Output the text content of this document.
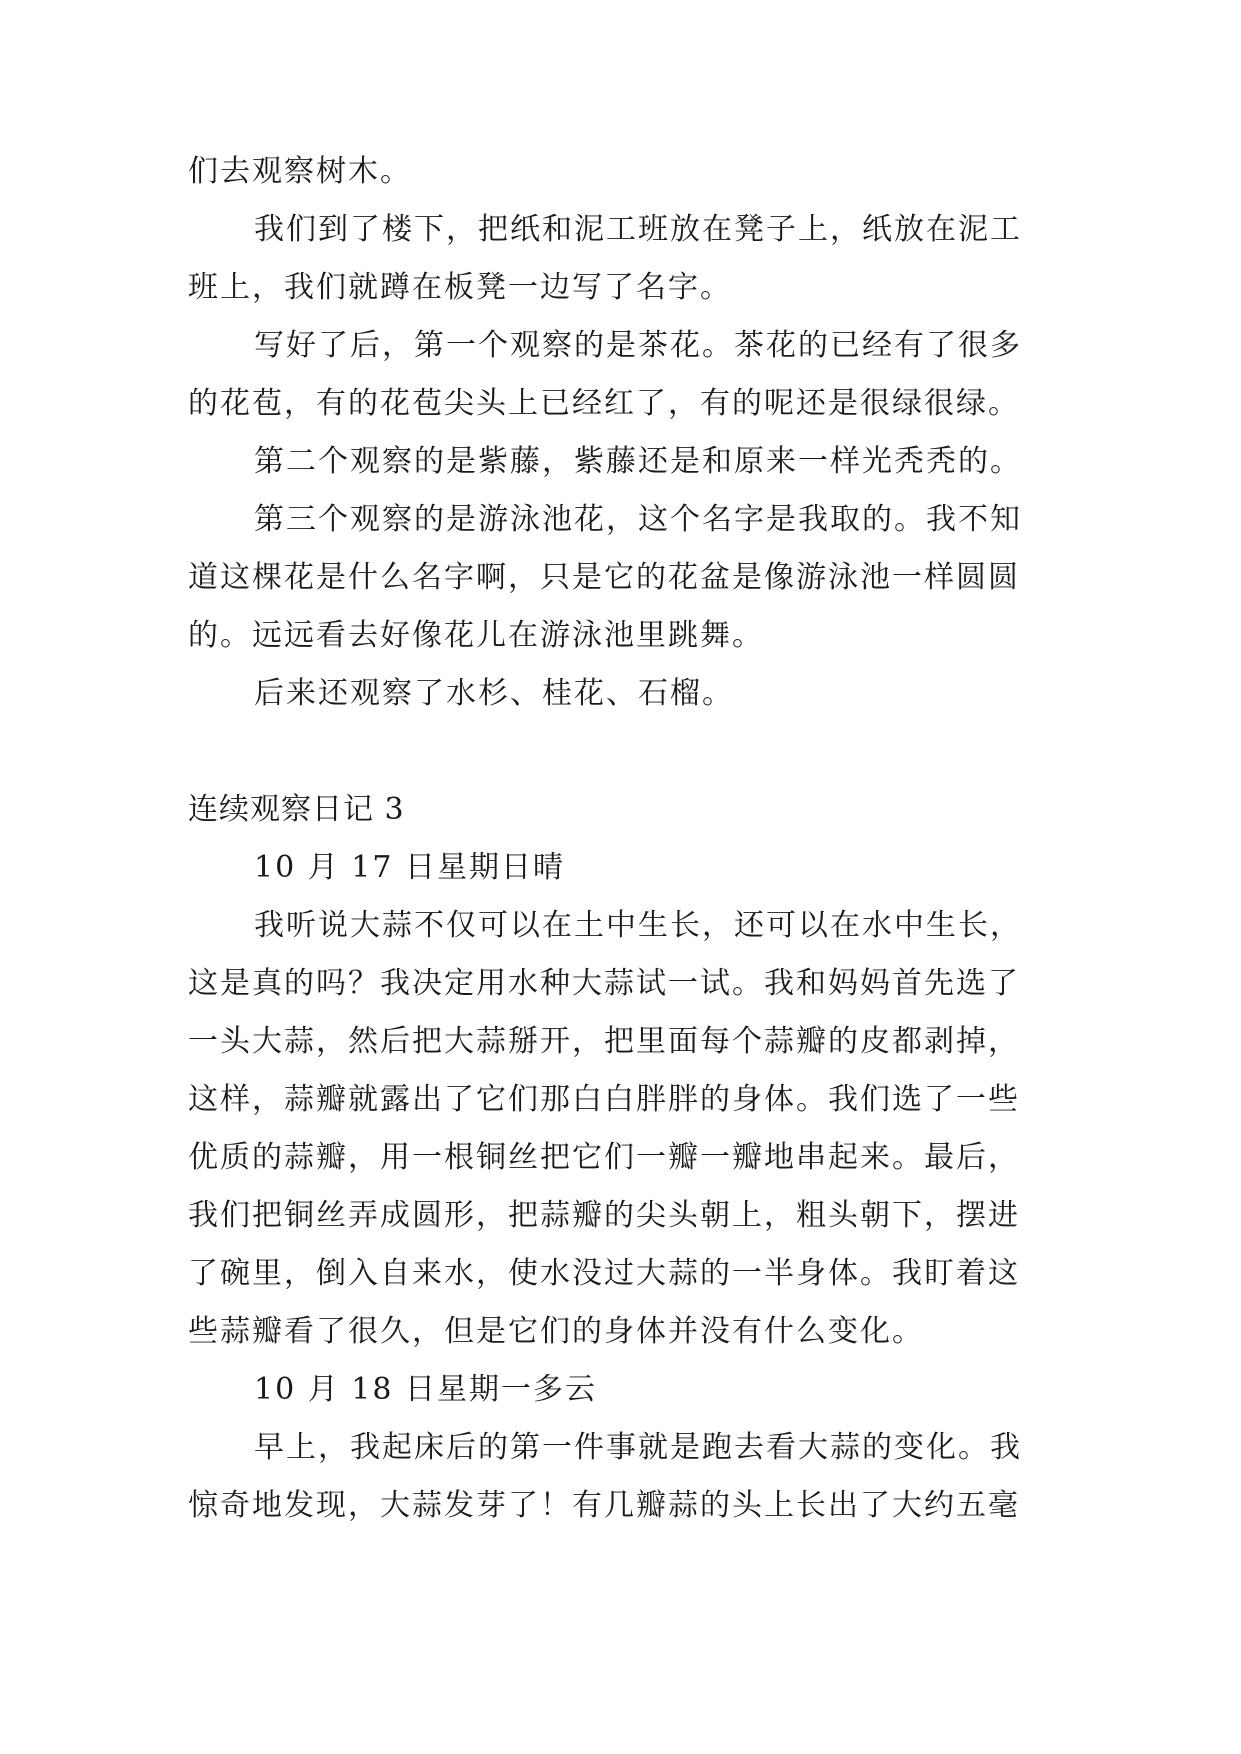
们去观察树木。
我们到了楼下，把纸和泥工班放在凳子上，纸放在泥工
班上，我们就蹲在板凳一边写了名字。
写好了后，第一个观察的是茶花。茶花的已经有了很多
的花苞，有的花苞尖头上已经红了，有的呢还是很绿很绿。
第二个观察的是紫藤，紫藤还是和原来一样光秃秃的。
第三个观察的是游泳池花，这个名字是我取的。我不知
道这棵花是什么名字啊，只是它的花盆是像游泳池一样圆圆
的。远远看去好像花儿在游泳池里跳舞。
后来还观察了水杉、桂花、石榴。
连续观察日记 3
10 月 17 日星期日晴
我听说大蒜不仅可以在土中生长，还可以在水中生长，
这是真的吗？我决定用水种大蒜试一试。我和妈妈首先选了
一头大蒜，然后把大蒜掰开，把里面每个蒜瓣的皮都剥掉，
这样，蒜瓣就露出了它们那白白胖胖的身体。我们选了一些
优质的蒜瓣，用一根铜丝把它们一瓣一瓣地串起来。最后，
我们把铜丝弄成圆形，把蒜瓣的尖头朝上，粗头朝下，摆进
了碗里，倒入自来水，使水没过大蒜的一半身体。我盯着这
些蒜瓣看了很久，但是它们的身体并没有什么变化。
10 月 18 日星期一多云
早上，我起床后的第一件事就是跑去看大蒜的变化。我
惊奇地发现，大蒜发芽了！有几瓣蒜的头上长出了大约五毫
